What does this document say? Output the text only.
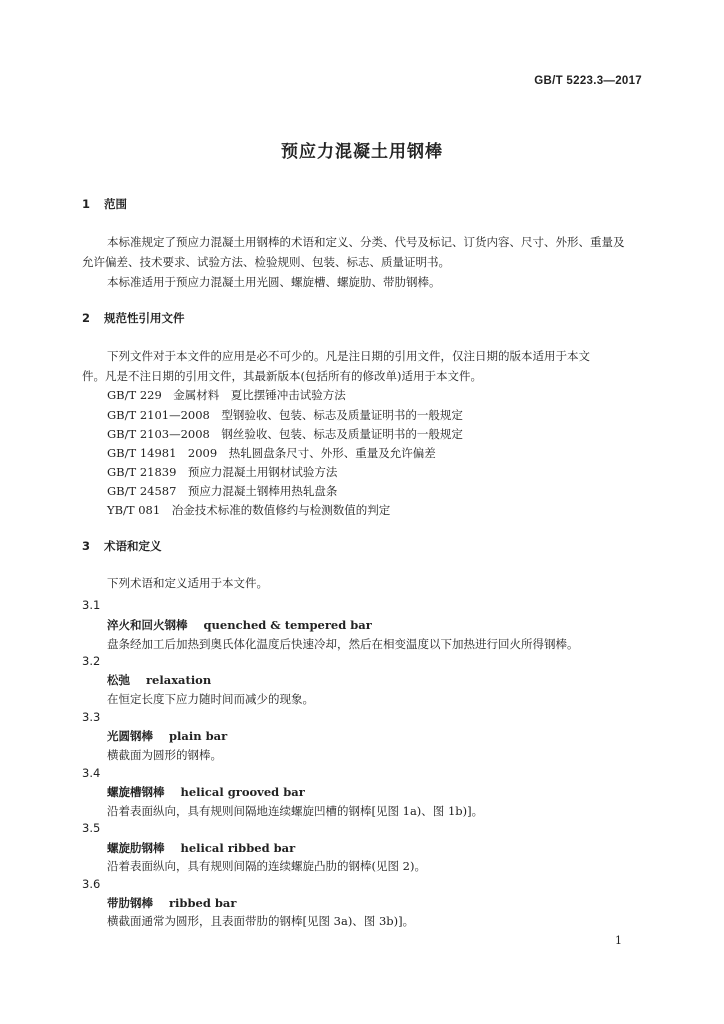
GB/T 5223.3—2017
预应力混凝土用钢棒
1 范围
本标准规定了预应力混凝土用钢棒的术语和定义、分类、代号及标记、订货内容、尺寸、外形、重量及
允许偏差、技术要求、试验方法、检验规则、包装、标志、质量证明书。
本标准适用于预应力混凝土用光圆、螺旋槽、螺旋肋、带肋钢棒。
2 规范性引用文件
下列文件对于本文件的应用是必不可少的。凡是注日期的引用文件，仅注日期的版本适用于本文
件。凡是不注日期的引用文件，其最新版本(包括所有的修改单)适用于本文件。
GB/T 229　 金属材料　夏比摆锤冲击试验方法
GB/T 2101—2008　 型钢验收、包装、标志及质量证明书的一般规定
GB/T 2103—2008　 钢丝验收、包装、标志及质量证明书的一般规定
GB/T 14981　2009　 热轧圆盘条尺寸、外形、重量及允许偏差
GB/T 21839　 预应力混凝土用钢材试验方法
GB/T 24587　 预应力混凝土钢棒用热轧盘条
YB/T 081　 冶金技术标准的数值修约与检测数值的判定
3 术语和定义
下列术语和定义适用于本文件。
3.1
淬火和回火钢棒 quenched & tempered bar
盘条经加工后加热到奥氏体化温度后快速冷却，然后在相变温度以下加热进行回火所得钢棒。
3.2
松弛 relaxation
在恒定长度下应力随时间而减少的现象。
3.3
光圆钢棒 plain bar
横截面为圆形的钢棒。
3.4
螺旋槽钢棒 helical grooved bar
沿着表面纵向，具有规则间隔地连续螺旋凹槽的钢棒[见图 1a)、图 1b)]。
3.5
螺旋肋钢棒 helical ribbed bar
沿着表面纵向，具有规则间隔的连续螺旋凸肋的钢棒(见图 2)。
3.6
带肋钢棒 ribbed bar
横截面通常为圆形，且表面带肋的钢棒[见图 3a)、图 3b)]。
1
